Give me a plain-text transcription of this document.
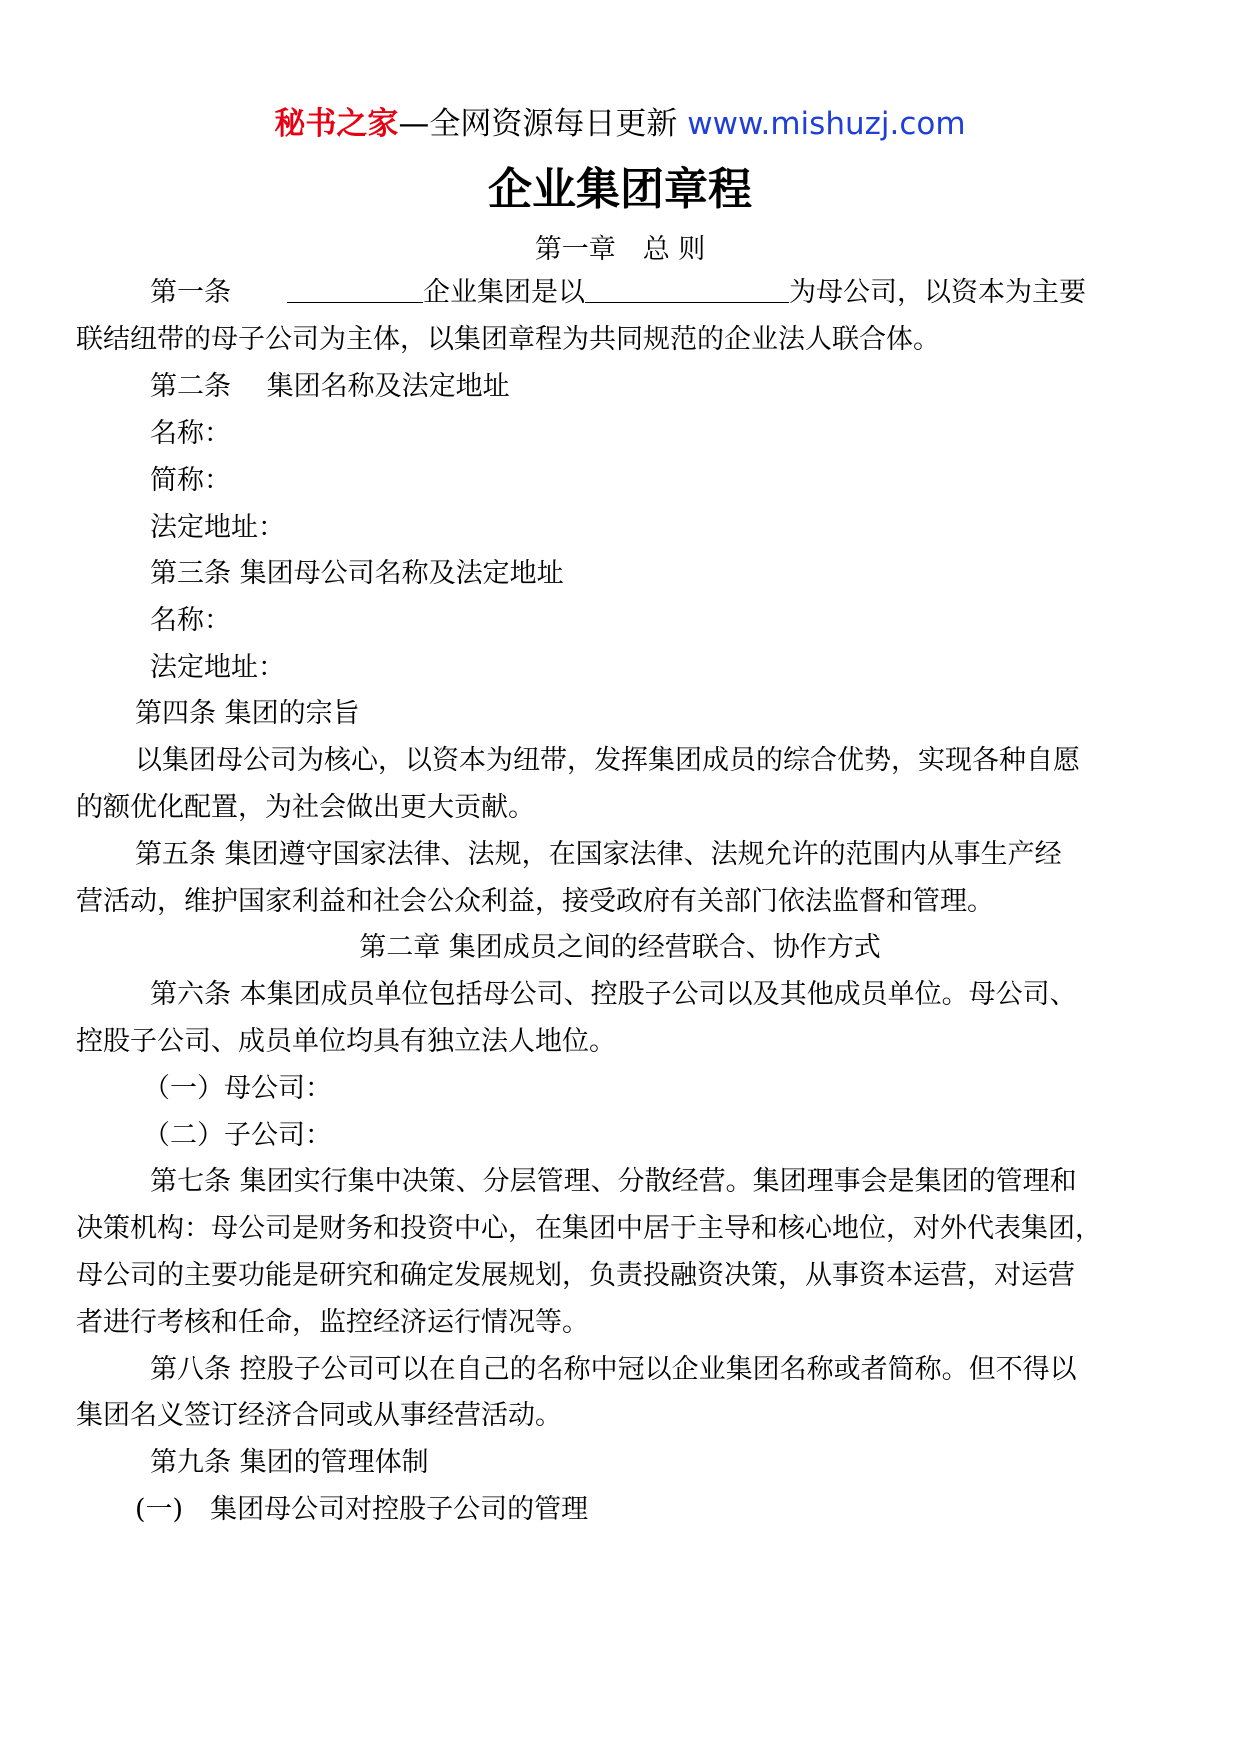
秘书之家—全网资源每日更新 www.mishuzj.com
企业集团章程
第一章　总 则
第一条	企业集团是以	为母公司，以资本为主要
联结纽带的母子公司为主体，以集团章程为共同规范的企业法人联合体。
第二条　 集团名称及法定地址
名称：
简称：
法定地址：
第三条 集团母公司名称及法定地址
名称：
法定地址：
第四条 集团的宗旨
以集团母公司为核心，以资本为纽带，发挥集团成员的综合优势，实现各种自愿
的额优化配置，为社会做出更大贡献。
第五条 集团遵守国家法律、法规，在国家法律、法规允许的范围内从事生产经
营活动，维护国家利益和社会公众利益，接受政府有关部门依法监督和管理。
第二章 集团成员之间的经营联合、协作方式
第六条 本集团成员单位包括母公司、控股子公司以及其他成员单位。母公司、
控股子公司、成员单位均具有独立法人地位。
（一）母公司：
（二）子公司：
第七条 集团实行集中决策、分层管理、分散经营。集团理事会是集团的管理和
决策机构：母公司是财务和投资中心，在集团中居于主导和核心地位，对外代表集团，
母公司的主要功能是研究和确定发展规划，负责投融资决策，从事资本运营，对运营
者进行考核和任命，监控经济运行情况等。
第八条 控股子公司可以在自己的名称中冠以企业集团名称或者简称。但不得以
集团名义签订经济合同或从事经营活动。
第九条 集团的管理体制
(一)　集团母公司对控股子公司的管理
